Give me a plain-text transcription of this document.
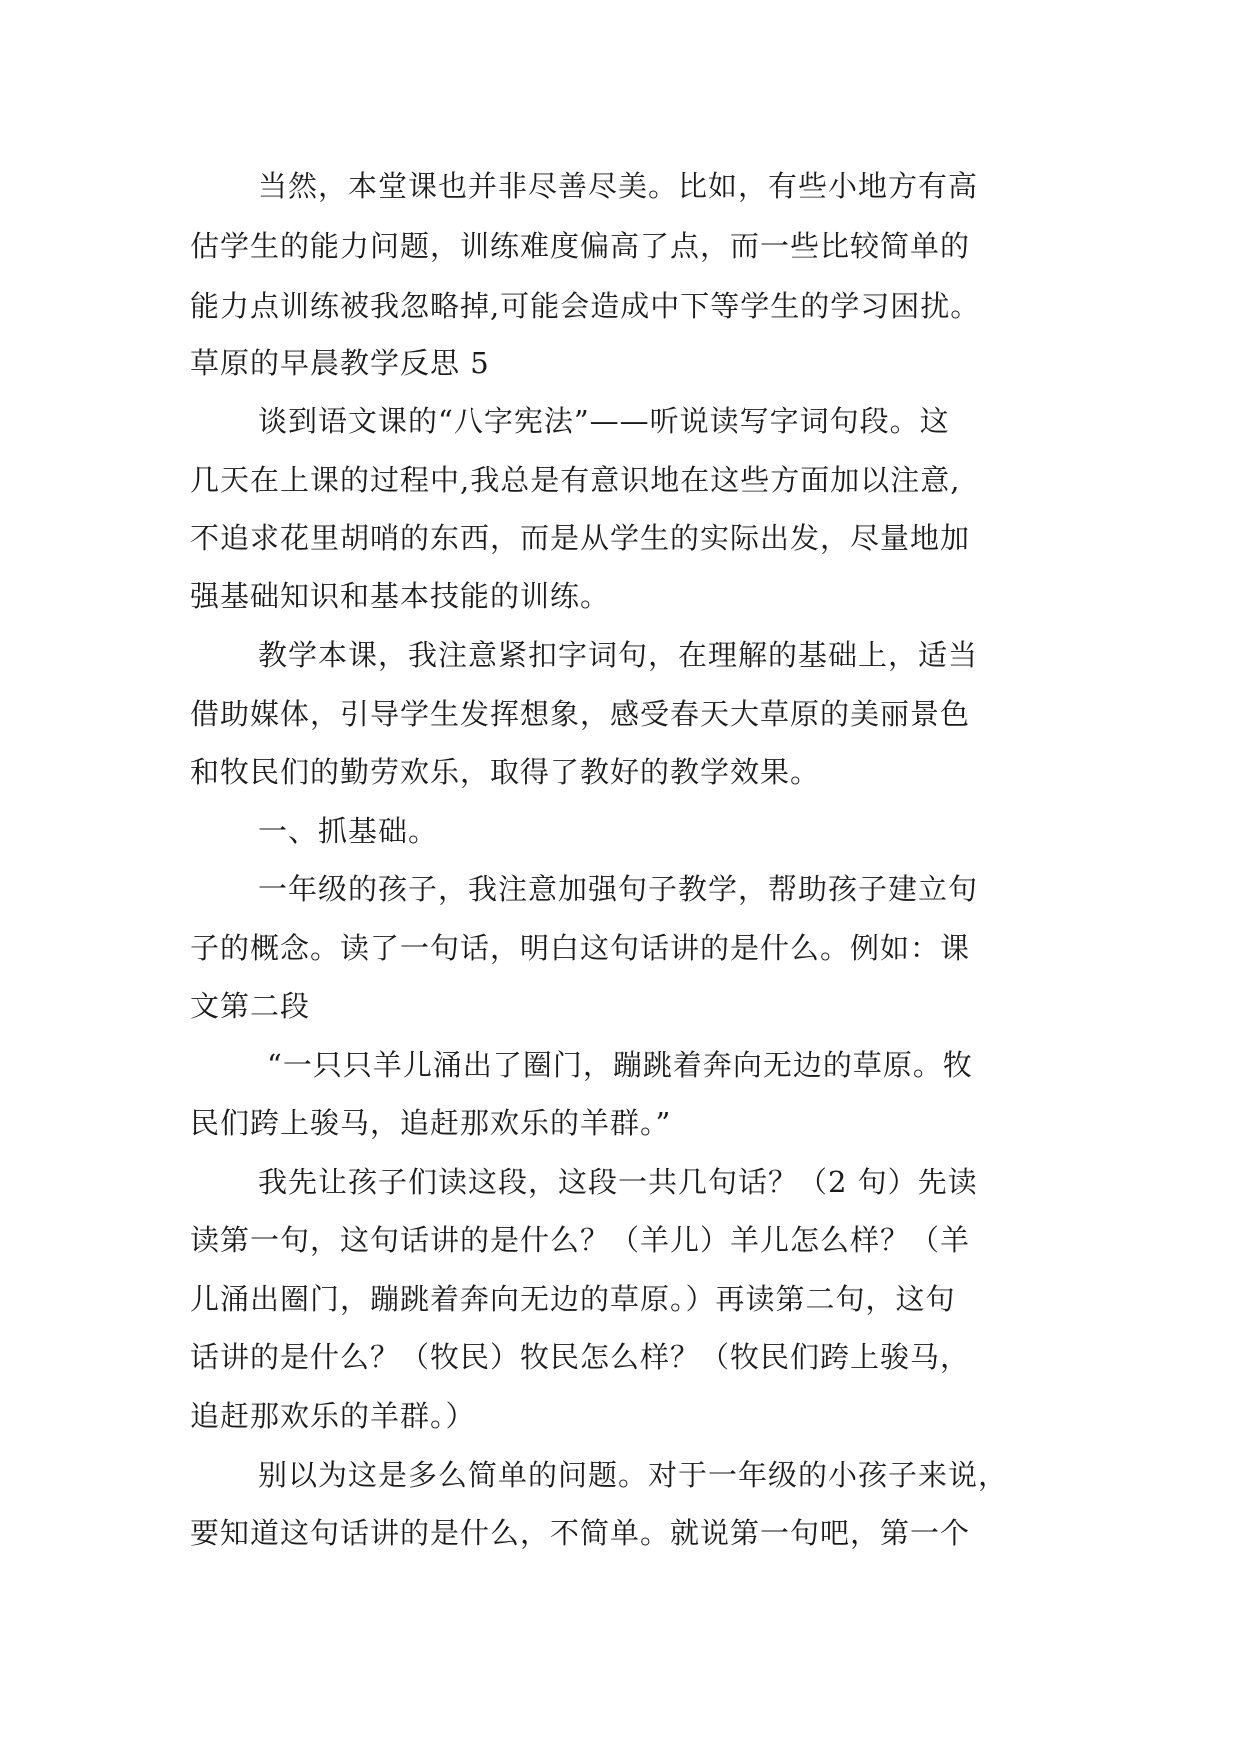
当然，本堂课也并非尽善尽美。比如，有些小地方有高
估学生的能力问题，训练难度偏高了点，而一些比较简单的
能力点训练被我忽略掉,可能会造成中下等学生的学习困扰。
草原的早晨教学反思 5
谈到语文课的“八字宪法”——听说读写字词句段。这
几天在上课的过程中,我总是有意识地在这些方面加以注意,
不追求花里胡哨的东西，而是从学生的实际出发，尽量地加
强基础知识和基本技能的训练。
教学本课，我注意紧扣字词句，在理解的基础上，适当
借助媒体，引导学生发挥想象，感受春天大草原的美丽景色
和牧民们的勤劳欢乐，取得了教好的教学效果。
一、抓基础。
一年级的孩子，我注意加强句子教学，帮助孩子建立句
子的概念。读了一句话，明白这句话讲的是什么。例如：课
文第二段
“一只只羊儿涌出了圈门，蹦跳着奔向无边的草原。牧
民们跨上骏马，追赶那欢乐的羊群。”
我先让孩子们读这段，这段一共几句话？（2 句）先读
读第一句，这句话讲的是什么？（羊儿）羊儿怎么样？（羊
儿涌出圈门，蹦跳着奔向无边的草原。）再读第二句，这句
话讲的是什么？（牧民）牧民怎么样？（牧民们跨上骏马，
追赶那欢乐的羊群。）
别以为这是多么简单的问题。对于一年级的小孩子来说，
要知道这句话讲的是什么，不简单。就说第一句吧，第一个
